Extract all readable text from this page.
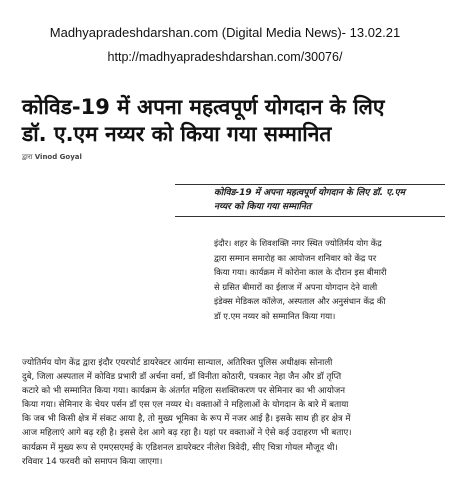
Madhyapradeshdarshan.com (Digital Media News)- 13.02.21
http://madhyapradeshdarshan.com/30076/
कोविड-19 में अपना महत्वपूर्ण योगदान के लिए
डॉ. ए.एम नय्यर को किया गया सम्मानित
द्वारा Vinod Goyal
कोविड-19 में अपना महत्वपूर्ण योगदान के लिए डॉ. ए.एम
नय्यर को किया गया सम्मानित
इंदौर। शहर के शिवशक्ति नगर स्थित ज्योतिर्मय योग केंद्र
द्वारा सम्मान समारोह का आयोजन शनिवार को केंद्र पर
किया गया। कार्यक्रम में कोरोना काल के दौरान इस बीमारी
से ग्रसित बीमारों का ईलाज में अपना योगदान देने वाली
इंडेक्स मेडिकल कॉलेज, अस्पताल और अनुसंधान केंद्र की
डॉ ए.एम नय्यर को सम्मानित किया गया।
ज्योतिर्मय योग केंद्र द्वारा इंदौर एयरपोर्ट डायरेक्टर आर्यमा सान्याल, अतिरिक्त पुलिस अधीक्षक सोनाली
दुबे, जिला अस्पताल में कोविड प्रभारी डॉ अर्चना वर्मा, डॉ विनीता कोठारी, पत्रकार नेहा जैन और डॉ तृप्ति
कटारे को भी सम्मानित किया गया। कार्यक्रम के अंतर्गत महिला सशक्तिकरण पर सेमिनार का भी आयोजन
किया गया। सेमिनार के चेयर पर्सन डॉ एस एल नय्यर थे। वक्ताओं ने महिलाओं के योगदान के बारे में बताया
कि जब भी किसी क्षेत्र में संकट आया है, तो मुख्य भूमिका के रूप में नजर आई है। इसके साथ ही हर क्षेत्र में
आज महिलाएं आगे बढ़ रही है। इससे देश आगे बढ़ रहा है। यहां पर वक्ताओं ने ऐसे कई उदाहरण भी बताए।
कार्यक्रम में मुख्य रूप से एमएसएमई के एडिशनल डायरेक्टर नीलेश त्रिवेदी, सीए चित्रा गोयल मौजूद थी।
रविवार 14 फरवरी को समापन किया जाएगा।
